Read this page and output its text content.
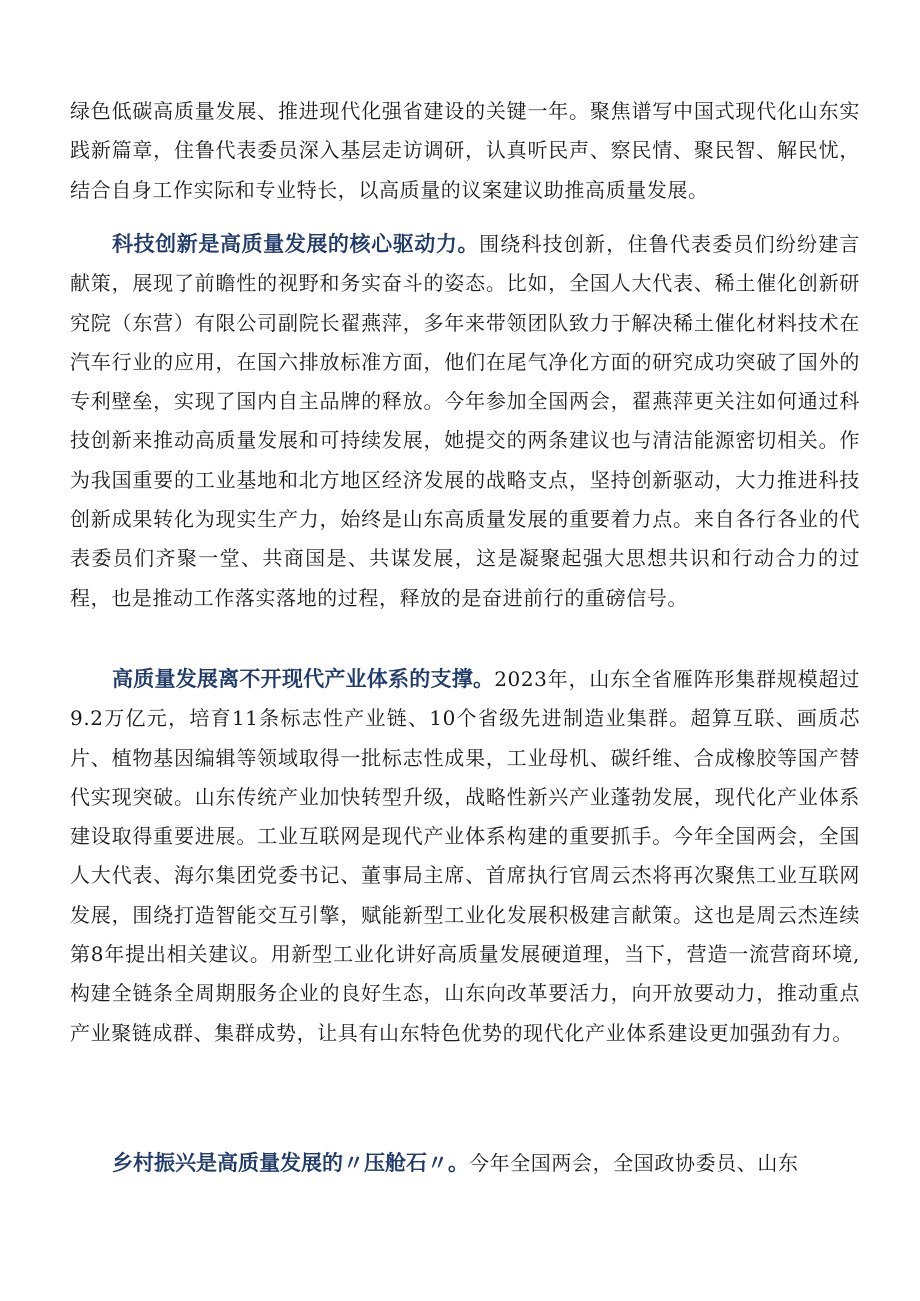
绿色低碳高质量发展、推进现代化强省建设的关键一年。聚焦谱写中国式现代化山东实践新篇章，住鲁代表委员深入基层走访调研，认真听民声、察民情、聚民智、解民忧，结合自身工作实际和专业特长，以高质量的议案建议助推高质量发展。

科技创新是高质量发展的核心驱动力。围绕科技创新，住鲁代表委员们纷纷建言献策，展现了前瞻性的视野和务实奋斗的姿态。比如，全国人大代表、稀土催化创新研究院（东营）有限公司副院长翟燕萍，多年来带领团队致力于解决稀土催化材料技术在汽车行业的应用，在国六排放标准方面，他们在尾气净化方面的研究成功突破了国外的专利壁垒，实现了国内自主品牌的释放。今年参加全国两会，翟燕萍更关注如何通过科技创新来推动高质量发展和可持续发展，她提交的两条建议也与清洁能源密切相关。作为我国重要的工业基地和北方地区经济发展的战略支点，坚持创新驱动，大力推进科技创新成果转化为现实生产力，始终是山东高质量发展的重要着力点。来自各行各业的代表委员们齐聚一堂、共商国是、共谋发展，这是凝聚起强大思想共识和行动合力的过程，也是推动工作落实落地的过程，释放的是奋进前行的重磅信号。

高质量发展离不开现代产业体系的支撑。2023年，山东全省雁阵形集群规模超过9.2万亿元，培育11条标志性产业链、10个省级先进制造业集群。超算互联、画质芯片、植物基因编辑等领域取得一批标志性成果，工业母机、碳纤维、合成橡胶等国产替代实现突破。山东传统产业加快转型升级，战略性新兴产业蓬勃发展，现代化产业体系建设取得重要进展。工业互联网是现代产业体系构建的重要抓手。今年全国两会，全国人大代表、海尔集团党委书记、董事局主席、首席执行官周云杰将再次聚焦工业互联网发展，围绕打造智能交互引擎，赋能新型工业化发展积极建言献策。这也是周云杰连续第8年提出相关建议。用新型工业化讲好高质量发展硬道理，当下，营造一流营商环境,构建全链条全周期服务企业的良好生态，山东向改革要活力，向开放要动力，推动重点产业聚链成群、集群成势，让具有山东特色优势的现代化产业体系建设更加强劲有力。

乡村振兴是高质量发展的〃压舱石〃。今年全国两会，全国政协委员、山东
